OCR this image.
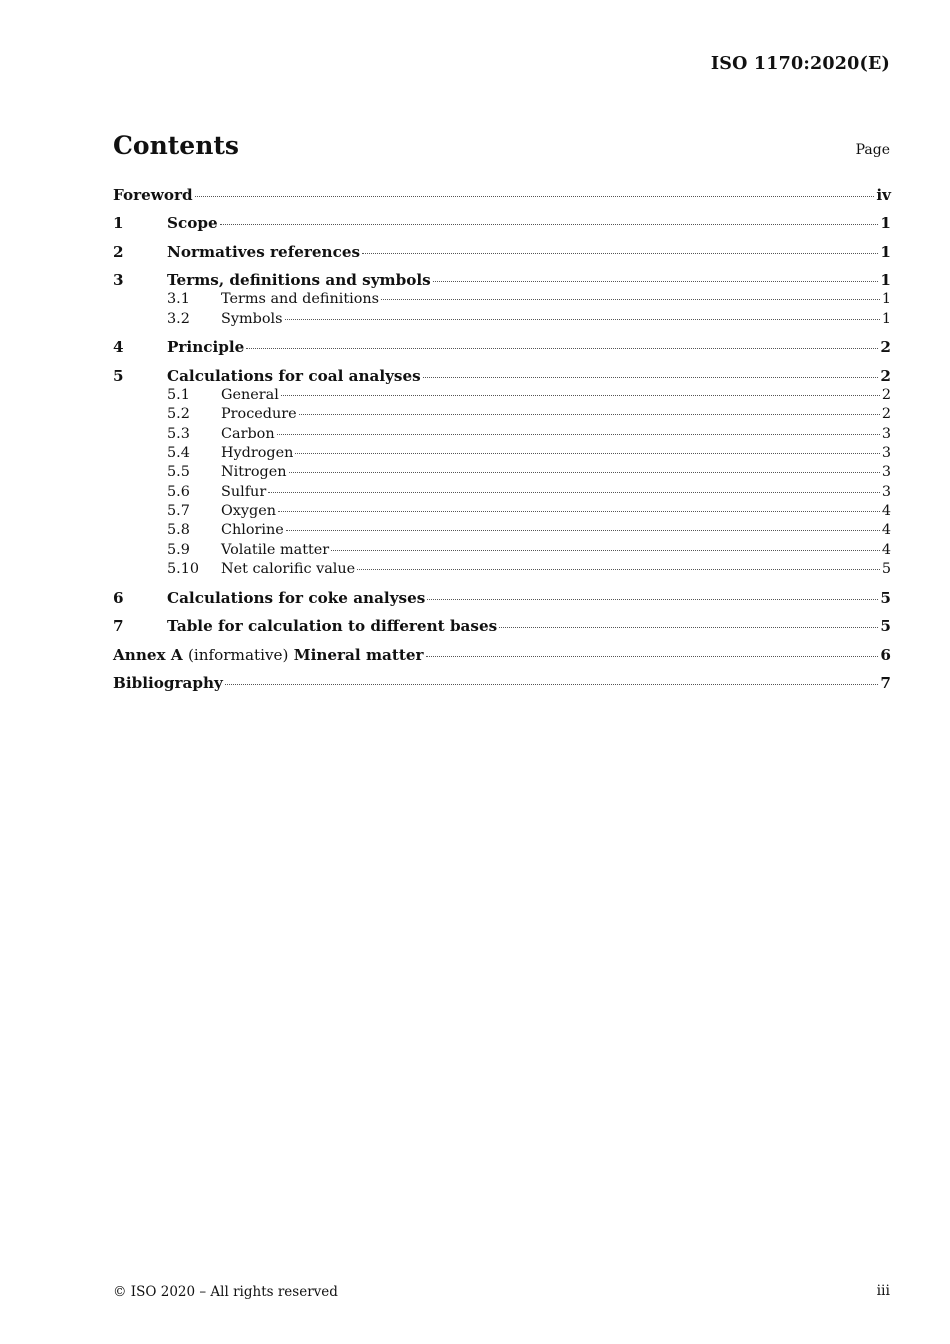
ISO 1170:2020(E)
Contents	Page
Foreword	iv
1	Scope	1
2	Normatives references	1
3	Terms, definitions and symbols	1
3.1	Terms and definitions	1
3.2	Symbols	1
4	Principle	2
5	Calculations for coal analyses	2
5.1	General	2
5.2	Procedure	2
5.3	Carbon	3
5.4	Hydrogen	3
5.5	Nitrogen	3
5.6	Sulfur	3
5.7	Oxygen	4
5.8	Chlorine	4
5.9	Volatile matter	4
5.10	Net calorific value	5
6	Calculations for coke analyses	5
7	Table for calculation to different bases	5
Annex A (informative) Mineral matter	6
Bibliography	7
© ISO 2020 – All rights reserved	iii
